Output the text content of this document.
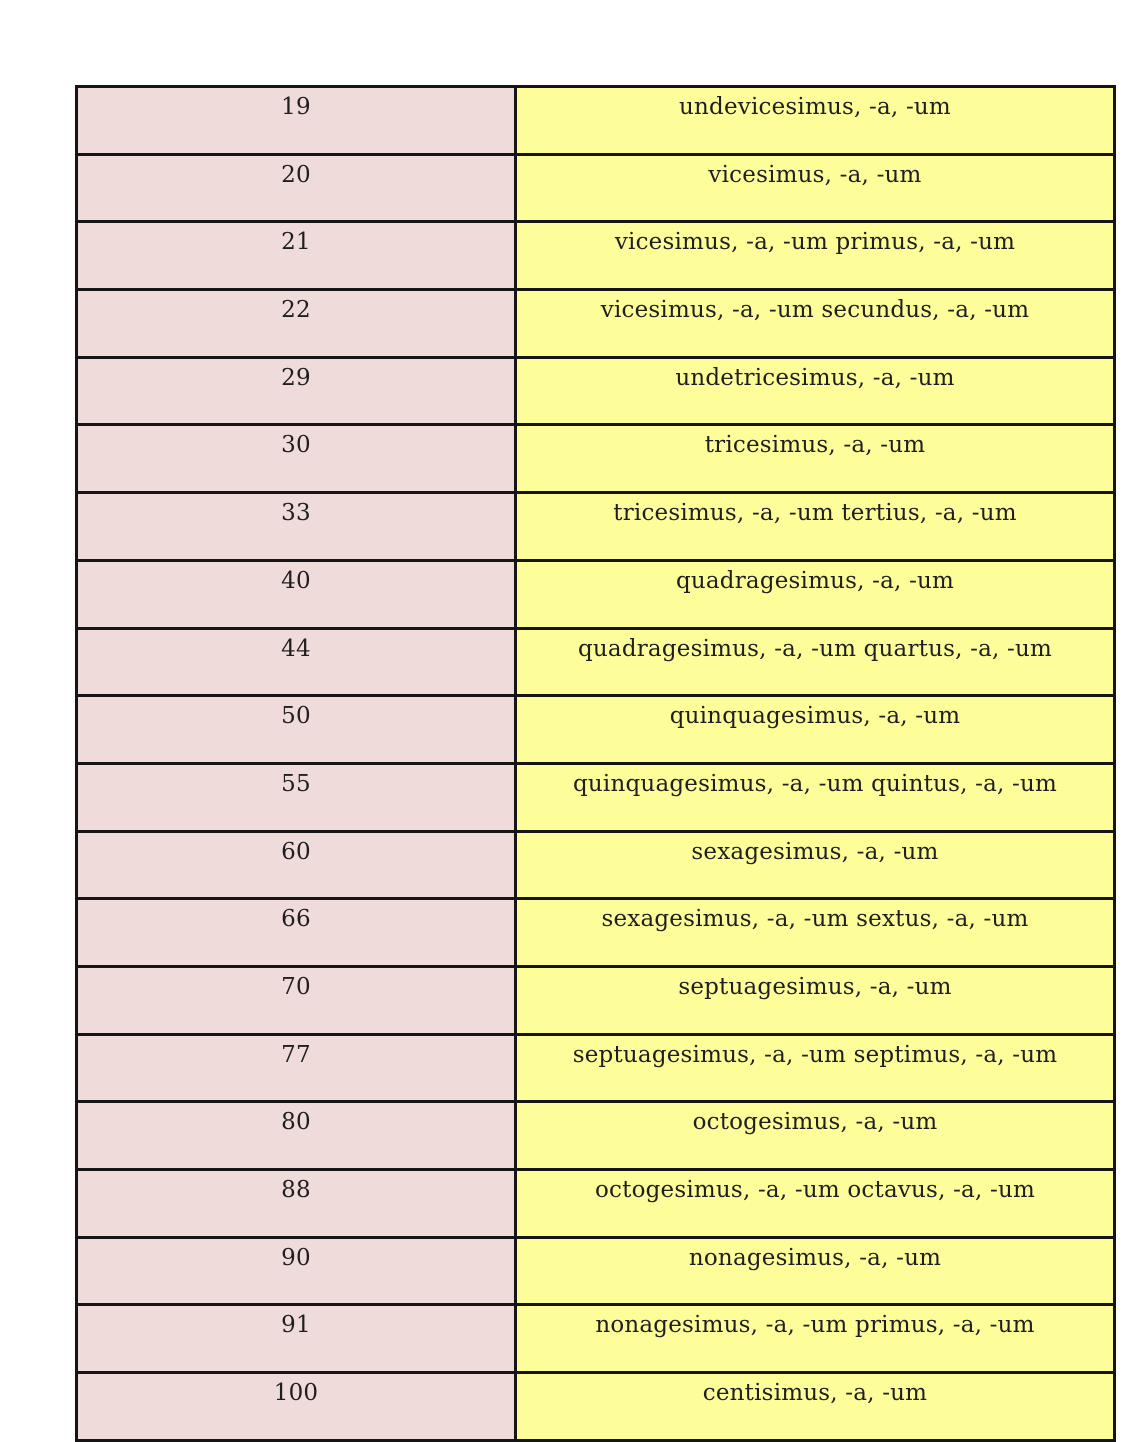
19	undevicesimus, -a, -um
20	vicesimus, -a, -um
21	vicesimus, -a, -um primus, -a, -um
22	vicesimus, -a, -um secundus, -a, -um
29	undetricesimus, -a, -um
30	tricesimus, -a, -um
33	tricesimus, -a, -um tertius, -a, -um
40	quadragesimus, -a, -um
44	quadragesimus, -a, -um quartus, -a, -um
50	quinquagesimus, -a, -um
55	quinquagesimus, -a, -um quintus, -a, -um
60	sexagesimus, -a, -um
66	sexagesimus, -a, -um sextus, -a, -um
70	septuagesimus, -a, -um
77	septuagesimus, -a, -um septimus, -a, -um
80	octogesimus, -a, -um
88	octogesimus, -a, -um octavus, -a, -um
90	nonagesimus, -a, -um
91	nonagesimus, -a, -um primus, -a, -um
100	centisimus, -a, -um
